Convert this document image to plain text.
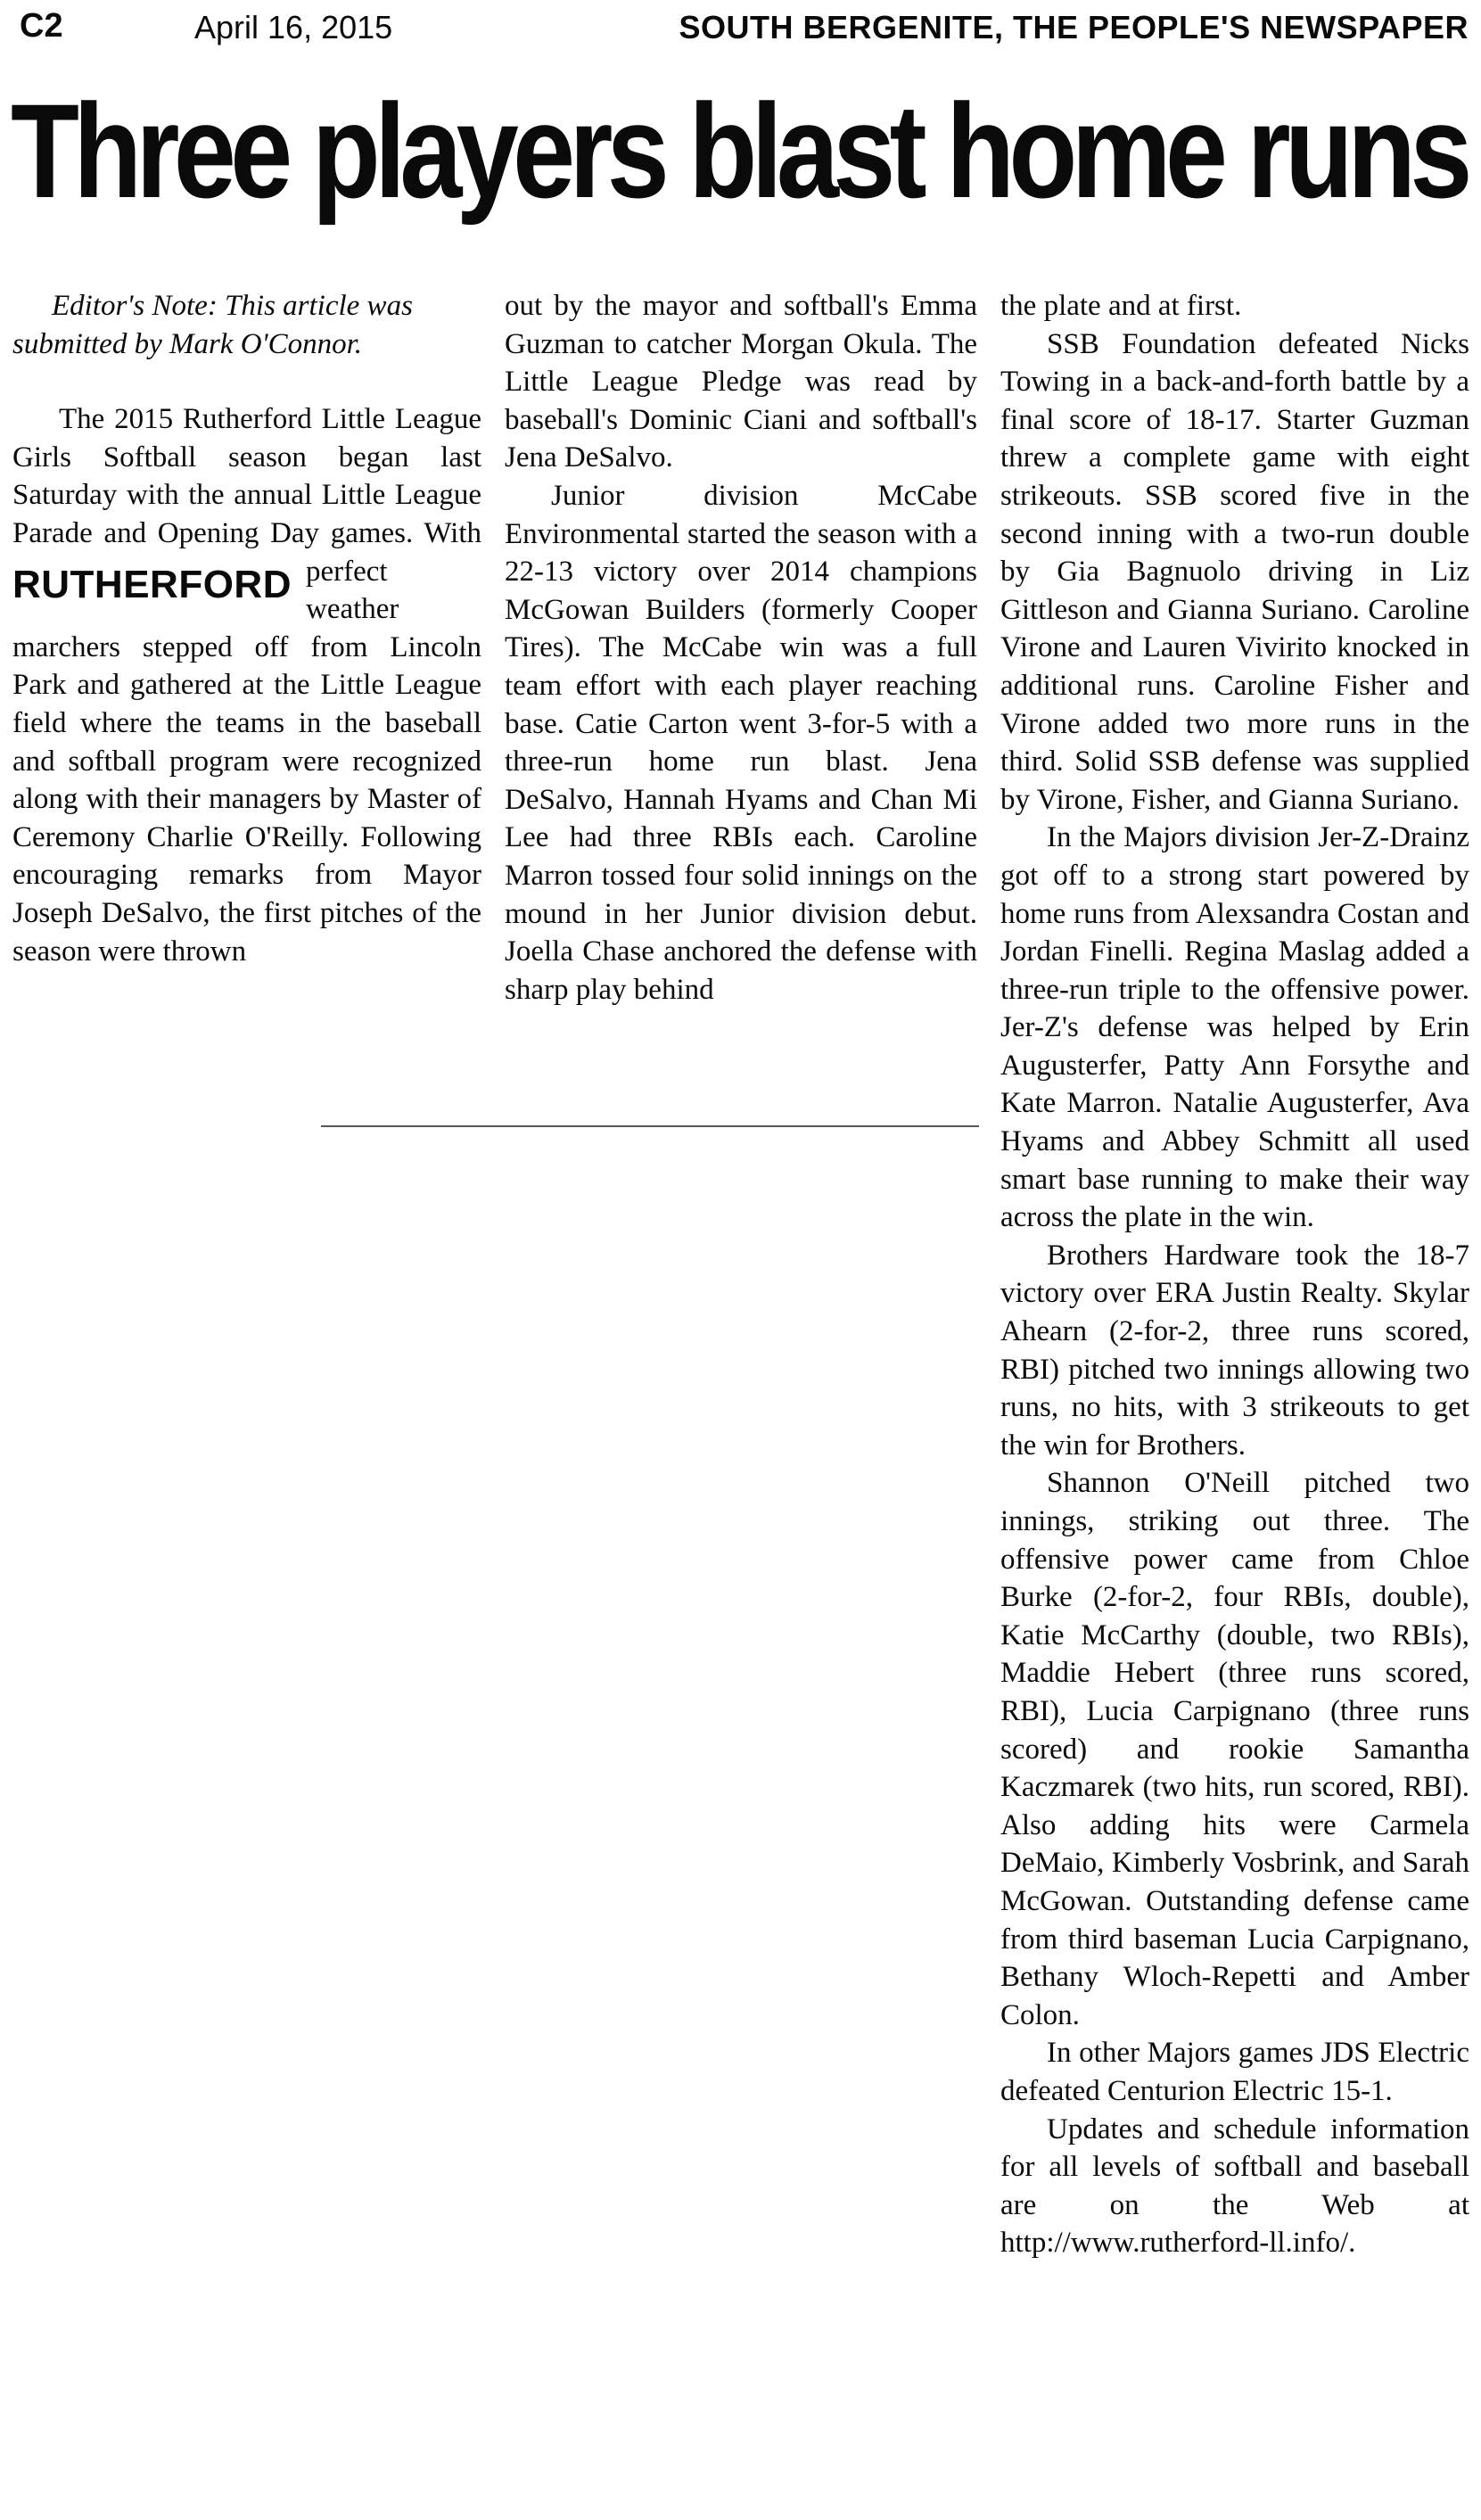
C2	April 16, 2015	SOUTH BERGENITE, THE PEOPLE'S NEWSPAPER
Three players blast home runs

Editor's Note: This article was submitted by Mark O'Connor.

The 2015 Rutherford Little League Girls Softball season began last Saturday with the annual Little League Parade and Opening Day games. With perfect
RUTHERFORD
weather marchers stepped off from Lincoln Park and gathered at the Little League field where the teams in the baseball and softball program were recognized along with their managers by Master of Ceremony Charlie O'Reilly. Following encouraging remarks from Mayor Joseph DeSalvo, the first pitches of the season were thrown

out by the mayor and softball's Emma Guzman to catcher Morgan Okula. The Little League Pledge was read by baseball's Dominic Ciani and softball's Jena DeSalvo.

Junior division McCabe Environmental started the season with a 22-13 victory over 2014 champions McGowan Builders (formerly Cooper Tires). The McCabe win was a full team effort with each player reaching base. Catie Carton went 3-for-5 with a three-run home run blast. Jena DeSalvo, Hannah Hyams and Chan Mi Lee had three RBIs each. Caroline Marron tossed four solid innings on the mound in her Junior division debut. Joella Chase anchored the defense with sharp play behind

the plate and at first.

SSB Foundation defeated Nicks Towing in a back-and-forth battle by a final score of 18-17. Starter Guzman threw a complete game with eight strikeouts. SSB scored five in the second inning with a two-run double by Gia Bagnuolo driving in Liz Gittleson and Gianna Suriano. Caroline Virone and Lauren Vivirito knocked in additional runs. Caroline Fisher and Virone added two more runs in the third. Solid SSB defense was supplied by Virone, Fisher, and Gianna Suriano.

In the Majors division Jer-Z-Drainz got off to a strong start powered by home runs from Alexsandra Costan and Jordan Finelli. Regina Maslag added a three-run triple to the offensive power. Jer-Z's defense was helped by Erin Augusterfer, Patty Ann Forsythe and Kate Marron. Natalie Augusterfer, Ava Hyams and Abbey Schmitt all used smart base running to make their way across the plate in the win.

Brothers Hardware took the 18-7 victory over ERA Justin Realty. Skylar Ahearn (2-for-2, three runs scored, RBI) pitched two innings allowing two runs, no hits, with 3 strikeouts to get the win for Brothers.

Shannon O'Neill pitched two innings, striking out three. The offensive power came from Chloe Burke (2-for-2, four RBIs, double), Katie McCarthy (double, two RBIs), Maddie Hebert (three runs scored, RBI), Lucia Carpignano (three runs scored) and rookie Samantha Kaczmarek (two hits, run scored, RBI). Also adding hits were Carmela DeMaio, Kimberly Vosbrink, and Sarah McGowan. Outstanding defense came from third baseman Lucia Carpignano, Bethany Wloch-Repetti and Amber Colon.

In other Majors games JDS Electric defeated Centurion Electric 15-1.

Updates and schedule information for all levels of softball and baseball are on the Web at http://www.rutherford-ll.info/.
